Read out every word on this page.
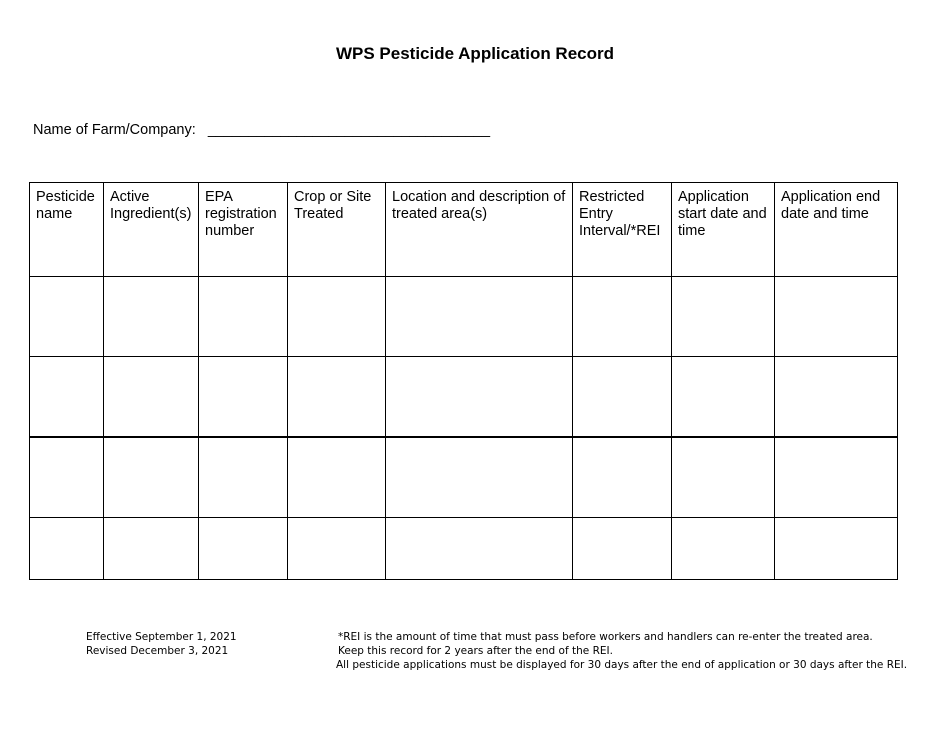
WPS Pesticide Application Record
Name of Farm/Company: ___________________________________
Pesticide name	Active Ingredient(s)	EPA registration number	Crop or Site Treated	Location and description of treated area(s)	Restricted Entry Interval/*REI	Application start date and time	Application end date and time

Effective September 1, 2021
Revised December 3, 2021
*REI is the amount of time that must pass before workers and handlers can re-enter the treated area.
Keep this record for 2 years after the end of the REI.
All pesticide applications must be displayed for 30 days after the end of application or 30 days after the REI.
